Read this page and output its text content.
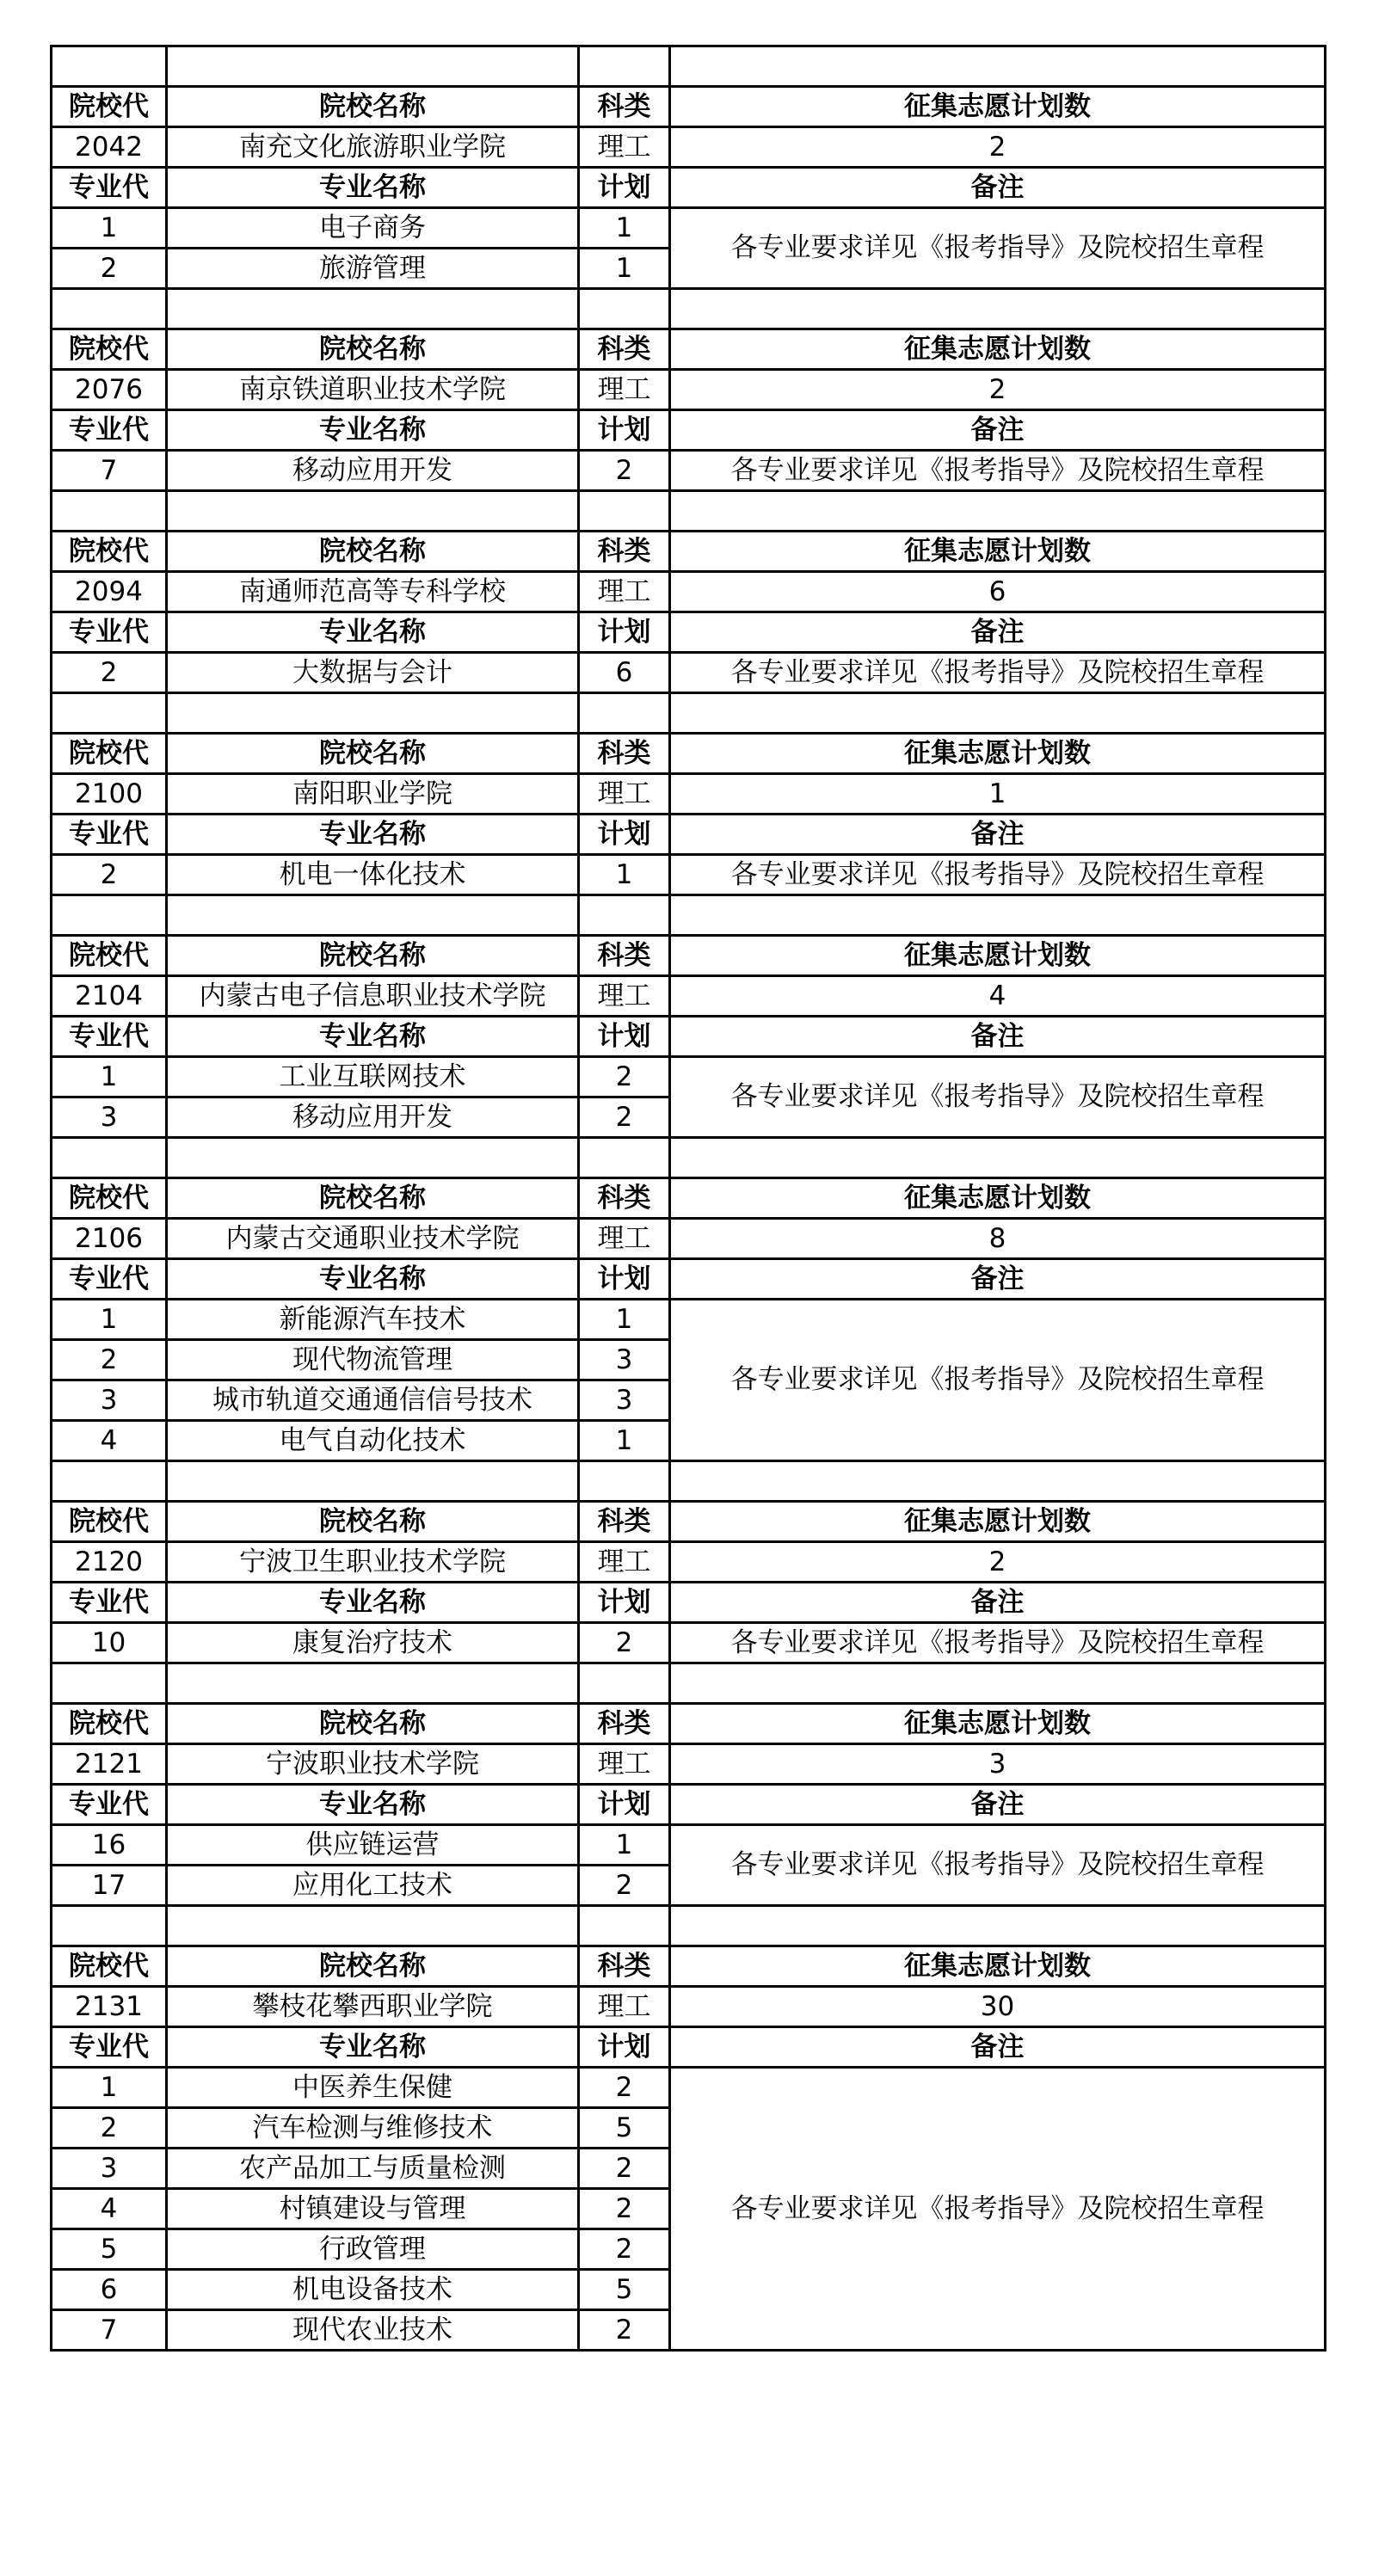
院校代	院校名称	科类	征集志愿计划数
2042	南充文化旅游职业学院	理工	2
专业代	专业名称	计划	备注
1	电子商务	1	各专业要求详见《报考指导》及院校招生章程
2	旅游管理	1	

院校代	院校名称	科类	征集志愿计划数
2076	南京铁道职业技术学院	理工	2
专业代	专业名称	计划	备注
7	移动应用开发	2	各专业要求详见《报考指导》及院校招生章程

院校代	院校名称	科类	征集志愿计划数
2094	南通师范高等专科学校	理工	6
专业代	专业名称	计划	备注
2	大数据与会计	6	各专业要求详见《报考指导》及院校招生章程

院校代	院校名称	科类	征集志愿计划数
2100	南阳职业学院	理工	1
专业代	专业名称	计划	备注
2	机电一体化技术	1	各专业要求详见《报考指导》及院校招生章程

院校代	院校名称	科类	征集志愿计划数
2104	内蒙古电子信息职业技术学院	理工	4
专业代	专业名称	计划	备注
1	工业互联网技术	2	各专业要求详见《报考指导》及院校招生章程
3	移动应用开发	2	

院校代	院校名称	科类	征集志愿计划数
2106	内蒙古交通职业技术学院	理工	8
专业代	专业名称	计划	备注
1	新能源汽车技术	1	各专业要求详见《报考指导》及院校招生章程
2	现代物流管理	3	
3	城市轨道交通通信信号技术	3	
4	电气自动化技术	1	

院校代	院校名称	科类	征集志愿计划数
2120	宁波卫生职业技术学院	理工	2
专业代	专业名称	计划	备注
10	康复治疗技术	2	各专业要求详见《报考指导》及院校招生章程

院校代	院校名称	科类	征集志愿计划数
2121	宁波职业技术学院	理工	3
专业代	专业名称	计划	备注
16	供应链运营	1	各专业要求详见《报考指导》及院校招生章程
17	应用化工技术	2	

院校代	院校名称	科类	征集志愿计划数
2131	攀枝花攀西职业学院	理工	30
专业代	专业名称	计划	备注
1	中医养生保健	2	各专业要求详见《报考指导》及院校招生章程
2	汽车检测与维修技术	5	
3	农产品加工与质量检测	2	
4	村镇建设与管理	2	
5	行政管理	2	
6	机电设备技术	5	
7	现代农业技术	2	
